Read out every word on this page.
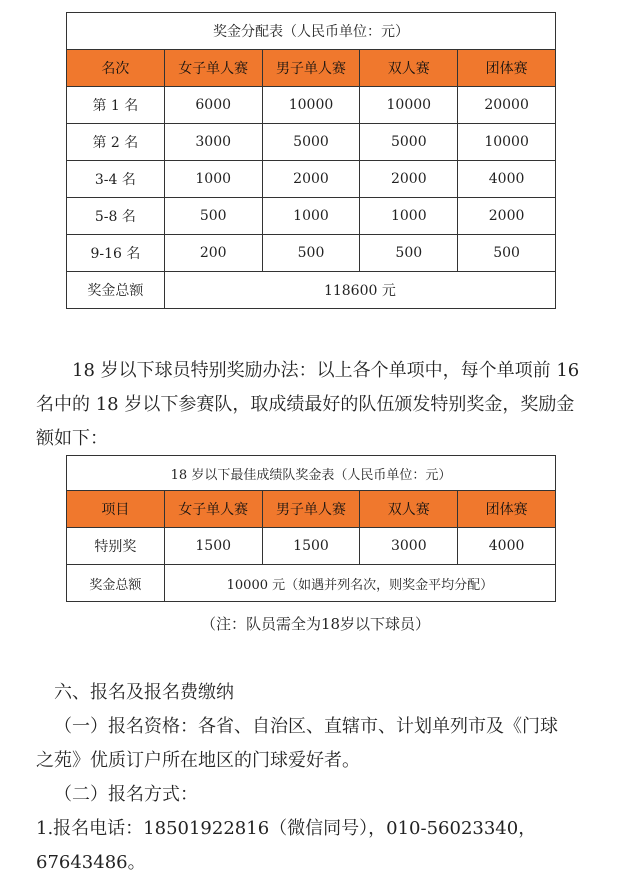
奖金分配表（人民币单位：元）				
名次	女子单人赛	男子单人赛	双人赛	团体赛
第 1 名	6000	10000	10000	20000
第 2 名	3000	5000	5000	10000
3-4 名	1000	2000	2000	4000
5-8 名	500	1000	1000	2000
9-16 名	200	500	500	500
奖金总额	118600 元			
18 岁以下球员特别奖励办法：以上各个单项中，每个单项前 16
名中的 18 岁以下参赛队，取成绩最好的队伍颁发特别奖金，奖励金
额如下：
18 岁以下最佳成绩队奖金表（人民币单位：元）				
项目	女子单人赛	男子单人赛	双人赛	团体赛
特别奖	1500	1500	3000	4000
奖金总额	10000 元（如遇并列名次，则奖金平均分配）			
（注：队员需全为18岁以下球员）
六、报名及报名费缴纳
（一）报名资格：各省、自治区、直辖市、计划单列市及《门球
之苑》优质订户所在地区的门球爱好者。
（二）报名方式：
1.报名电话：18501922816（微信同号），010-56023340，
67643486。
